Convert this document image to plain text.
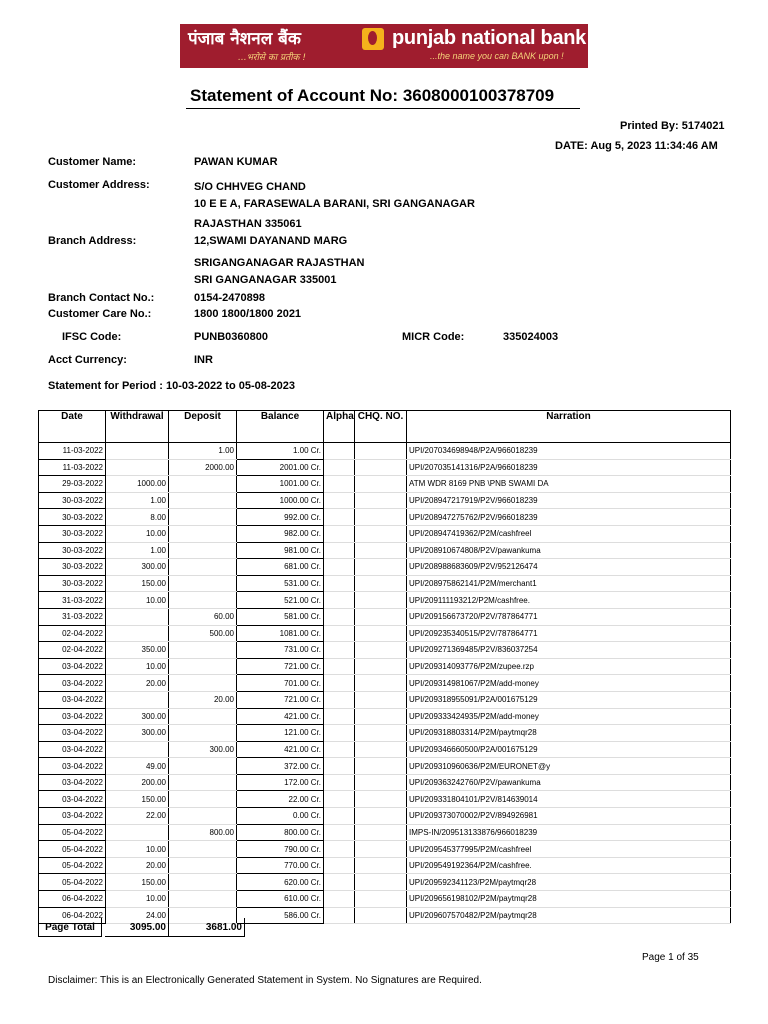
पंजाब नैशनल बैंक
...भरोसे का प्रतीक !
punjab national bank
...the name you can BANK upon !
Statement of Account No: 3608000100378709
Printed By: 5174021
DATE: Aug 5, 2023 11:34:46 AM
Customer Name:	PAWAN KUMAR
Customer Address:	S/O CHHVEG CHAND
10 E E A, FARASEWALA BARANI, SRI GANGANAGAR
RAJASTHAN 335061
Branch Address:	12,SWAMI DAYANAND MARG
SRIGANGANAGAR RAJASTHAN
SRI GANGANAGAR 335001
Branch Contact No.:	0154-2470898
Customer Care No.:	1800 1800/1800 2021
IFSC Code:	PUNB0360800	MICR Code:	335024003
Acct Currency:	INR
Statement for Period : 10-03-2022 to 05-08-2023
Date	Withdrawal	Deposit	Balance	Alpha	CHQ. NO.	Narration

11-03-2022		1.00	1.00 Cr.			UPI/207034698948/P2A/966018239
11-03-2022		2000.00	2001.00 Cr.			UPI/207035141316/P2A/966018239
29-03-2022	1000.00		1001.00 Cr.			ATM WDR 8169 PNB \PNB SWAMI DA
30-03-2022	1.00		1000.00 Cr.			UPI/208947217919/P2V/966018239
30-03-2022	8.00		992.00 Cr.			UPI/208947275762/P2V/966018239
30-03-2022	10.00		982.00 Cr.			UPI/208947419362/P2M/cashfreel
30-03-2022	1.00		981.00 Cr.			UPI/208910674808/P2V/pawankuma
30-03-2022	300.00		681.00 Cr.			UPI/208988683609/P2V/952126474
30-03-2022	150.00		531.00 Cr.			UPI/208975862141/P2M/merchant1
31-03-2022	10.00		521.00 Cr.			UPI/209111193212/P2M/cashfree.
31-03-2022		60.00	581.00 Cr.			UPI/209156673720/P2V/787864771
02-04-2022		500.00	1081.00 Cr.			UPI/209235340515/P2V/787864771
02-04-2022	350.00		731.00 Cr.			UPI/209271369485/P2V/836037254
03-04-2022	10.00		721.00 Cr.			UPI/209314093776/P2M/zupee.rzp
03-04-2022	20.00		701.00 Cr.			UPI/209314981067/P2M/add-money
03-04-2022		20.00	721.00 Cr.			UPI/209318955091/P2A/001675129
03-04-2022	300.00		421.00 Cr.			UPI/209333424935/P2M/add-money
03-04-2022	300.00		121.00 Cr.			UPI/209318803314/P2M/paytmqr28
03-04-2022		300.00	421.00 Cr.			UPI/209346660500/P2A/001675129
03-04-2022	49.00		372.00 Cr.			UPI/209310960636/P2M/EURONET@y
03-04-2022	200.00		172.00 Cr.			UPI/209363242760/P2V/pawankuma
03-04-2022	150.00		22.00 Cr.			UPI/209331804101/P2V/814639014
03-04-2022	22.00		0.00 Cr.			UPI/209373070002/P2V/894926981
05-04-2022		800.00	800.00 Cr.			IMPS-IN/209513133876/966018239
05-04-2022	10.00		790.00 Cr.			UPI/209545377995/P2M/cashfreel
05-04-2022	20.00		770.00 Cr.			UPI/209549192364/P2M/cashfree.
05-04-2022	150.00		620.00 Cr.			UPI/209592341123/P2M/paytmqr28
06-04-2022	10.00		610.00 Cr.			UPI/209656198102/P2M/paytmqr28
06-04-2022	24.00		586.00 Cr.			UPI/209607570482/P2M/paytmqr28
Page Total	3095.00	3681.00
Page 1 of 35
Disclaimer: This is an Electronically Generated Statement in System. No Signatures are Required.
